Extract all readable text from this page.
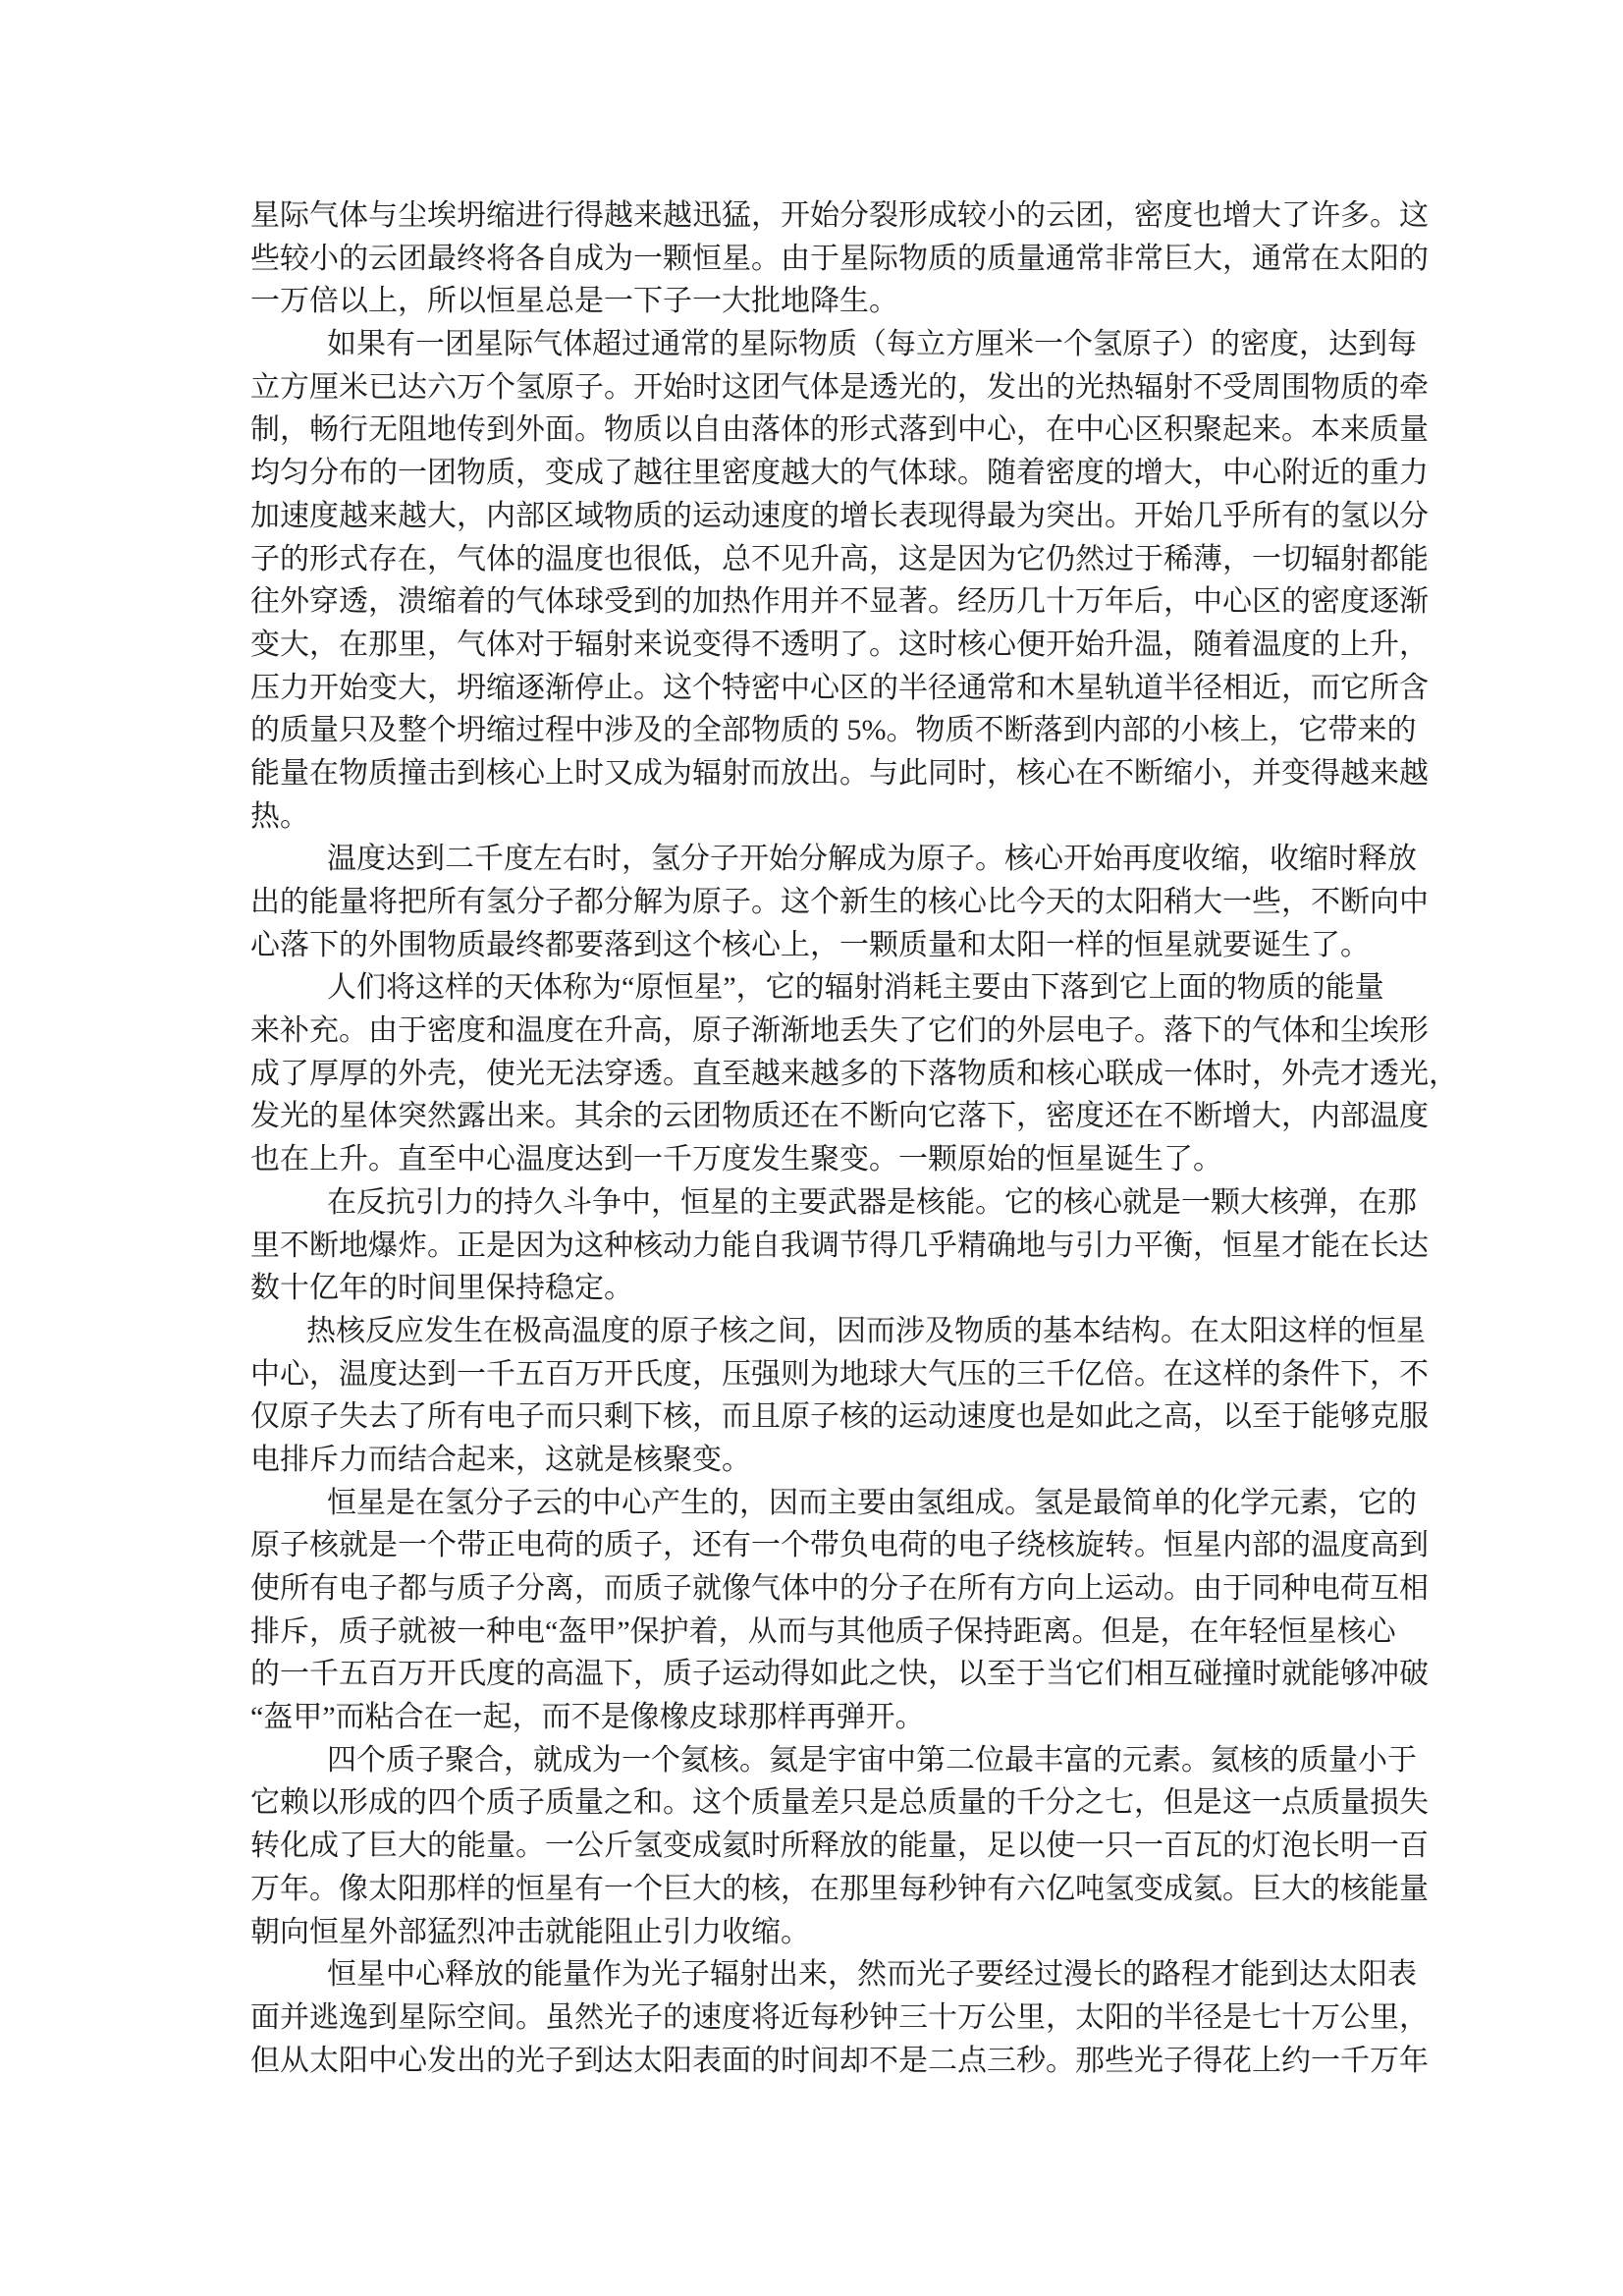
星际气体与尘埃坍缩进行得越来越迅猛，开始分裂形成较小的云团，密度也增大了许多。这
些较小的云团最终将各自成为一颗恒星。由于星际物质的质量通常非常巨大，通常在太阳的
一万倍以上，所以恒星总是一下子一大批地降生。
如果有一团星际气体超过通常的星际物质（每立方厘米一个氢原子）的密度，达到每
立方厘米已达六万个氢原子。开始时这团气体是透光的，发出的光热辐射不受周围物质的牵
制，畅行无阻地传到外面。物质以自由落体的形式落到中心，在中心区积聚起来。本来质量
均匀分布的一团物质，变成了越往里密度越大的气体球。随着密度的增大，中心附近的重力
加速度越来越大，内部区域物质的运动速度的增长表现得最为突出。开始几乎所有的氢以分
子的形式存在，气体的温度也很低，总不见升高，这是因为它仍然过于稀薄，一切辐射都能
往外穿透，溃缩着的气体球受到的加热作用并不显著。经历几十万年后，中心区的密度逐渐
变大，在那里，气体对于辐射来说变得不透明了。这时核心便开始升温，随着温度的上升，
压力开始变大，坍缩逐渐停止。这个特密中心区的半径通常和木星轨道半径相近，而它所含
的质量只及整个坍缩过程中涉及的全部物质的 5%。物质不断落到内部的小核上，它带来的
能量在物质撞击到核心上时又成为辐射而放出。与此同时，核心在不断缩小，并变得越来越
热。
温度达到二千度左右时，氢分子开始分解成为原子。核心开始再度收缩，收缩时释放
出的能量将把所有氢分子都分解为原子。这个新生的核心比今天的太阳稍大一些，不断向中
心落下的外围物质最终都要落到这个核心上，一颗质量和太阳一样的恒星就要诞生了。
人们将这样的天体称为“原恒星”，它的辐射消耗主要由下落到它上面的物质的能量
来补充。由于密度和温度在升高，原子渐渐地丢失了它们的外层电子。落下的气体和尘埃形
成了厚厚的外壳，使光无法穿透。直至越来越多的下落物质和核心联成一体时，外壳才透光，
发光的星体突然露出来。其余的云团物质还在不断向它落下，密度还在不断增大，内部温度
也在上升。直至中心温度达到一千万度发生聚变。一颗原始的恒星诞生了。
在反抗引力的持久斗争中，恒星的主要武器是核能。它的核心就是一颗大核弹，在那
里不断地爆炸。正是因为这种核动力能自我调节得几乎精确地与引力平衡，恒星才能在长达
数十亿年的时间里保持稳定。
热核反应发生在极高温度的原子核之间，因而涉及物质的基本结构。在太阳这样的恒星
中心，温度达到一千五百万开氏度，压强则为地球大气压的三千亿倍。在这样的条件下，不
仅原子失去了所有电子而只剩下核，而且原子核的运动速度也是如此之高，以至于能够克服
电排斥力而结合起来，这就是核聚变。
恒星是在氢分子云的中心产生的，因而主要由氢组成。氢是最简单的化学元素，它的
原子核就是一个带正电荷的质子，还有一个带负电荷的电子绕核旋转。恒星内部的温度高到
使所有电子都与质子分离，而质子就像气体中的分子在所有方向上运动。由于同种电荷互相
排斥，质子就被一种电“盔甲”保护着，从而与其他质子保持距离。但是，在年轻恒星核心
的一千五百万开氏度的高温下，质子运动得如此之快，以至于当它们相互碰撞时就能够冲破
“盔甲”而粘合在一起，而不是像橡皮球那样再弹开。
四个质子聚合，就成为一个氦核。氦是宇宙中第二位最丰富的元素。氦核的质量小于
它赖以形成的四个质子质量之和。这个质量差只是总质量的千分之七，但是这一点质量损失
转化成了巨大的能量。一公斤氢变成氦时所释放的能量，足以使一只一百瓦的灯泡长明一百
万年。像太阳那样的恒星有一个巨大的核，在那里每秒钟有六亿吨氢变成氦。巨大的核能量
朝向恒星外部猛烈冲击就能阻止引力收缩。
恒星中心释放的能量作为光子辐射出来，然而光子要经过漫长的路程才能到达太阳表
面并逃逸到星际空间。虽然光子的速度将近每秒钟三十万公里，太阳的半径是七十万公里，
但从太阳中心发出的光子到达太阳表面的时间却不是二点三秒。那些光子得花上约一千万年
